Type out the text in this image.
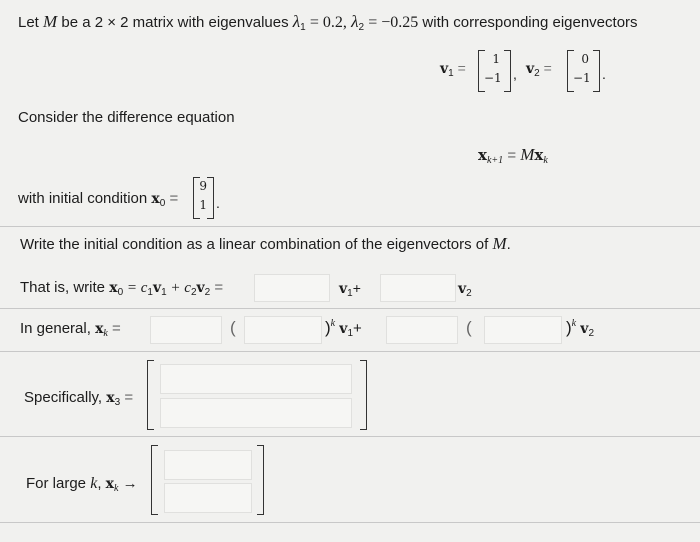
Let M be a 2 × 2 matrix with eigenvalues $\lambda_1 = 0.2$, $\lambda_2 = -0.25$ with corresponding eigenvectors
$v_1$ =
1
−1 , $v_2$ =
0
−1 .
Consider the difference equation
$x_{k+1} = Mx_k$
with initial condition $x_0$ =
9
1 .
Write the initial condition as a linear combination of the eigenvectors of M.
That is, write $x_0 = c_1v_1 + c_2v_2$ =	$v_1+$	$v_2$
In general, $x_k$ =	(	)$^k$ $v_1+$	(	)$^k$ $v_2$
Specifically, $x_3$ =
For large k, $x_k$ →
